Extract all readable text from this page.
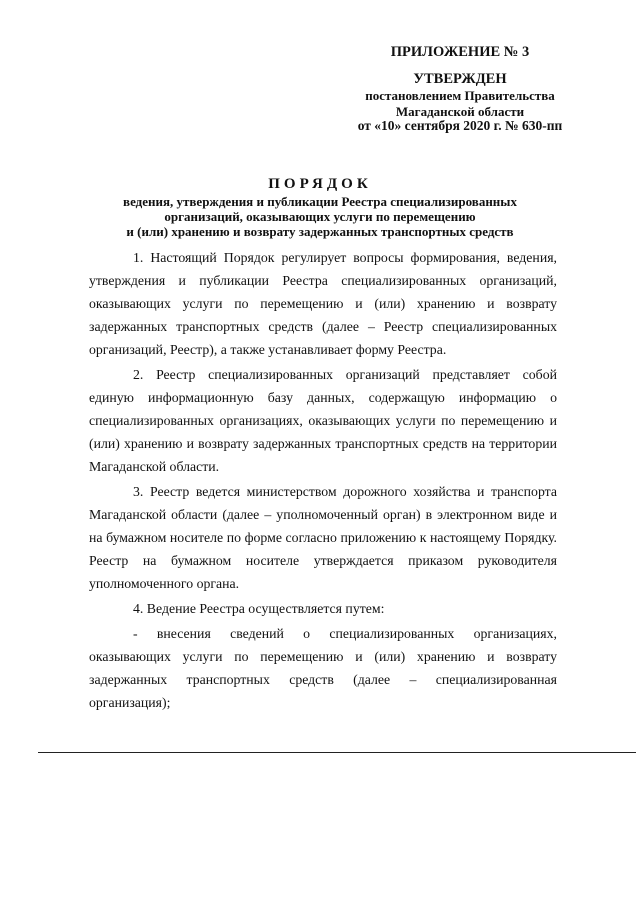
ПРИЛОЖЕНИЕ № 3
УТВЕРЖДЕН
постановлением Правительства
Магаданской области
от «10» сентября 2020 г. № 630-пп
ПОРЯДОК
ведения, утверждения и публикации Реестра специализированных
организаций, оказывающих услуги по перемещению
и (или) хранению и возврату задержанных транспортных средств

1. Настоящий Порядок регулирует вопросы формирования, ведения, утверждения и публикации Реестра специализированных организаций, оказывающих услуги по перемещению и (или) хранению и возврату задержанных транспортных средств (далее – Реестр специализированных организаций, Реестр), а также устанавливает форму Реестра.

2. Реестр специализированных организаций представляет собой единую информационную базу данных, содержащую информацию о специализированных организациях, оказывающих услуги по перемещению и (или) хранению и возврату задержанных транспортных средств на территории Магаданской области.

3. Реестр ведется министерством дорожного хозяйства и транспорта Магаданской области (далее – уполномоченный орган) в электронном виде и на бумажном носителе по форме согласно приложению к настоящему Порядку. Реестр на бумажном носителе утверждается приказом руководителя уполномоченного органа.

4. Ведение Реестра осуществляется путем:

- внесения сведений о специализированных организациях, оказывающих услуги по перемещению и (или) хранению и возврату задержанных транспортных средств (далее – специализированная организация);
